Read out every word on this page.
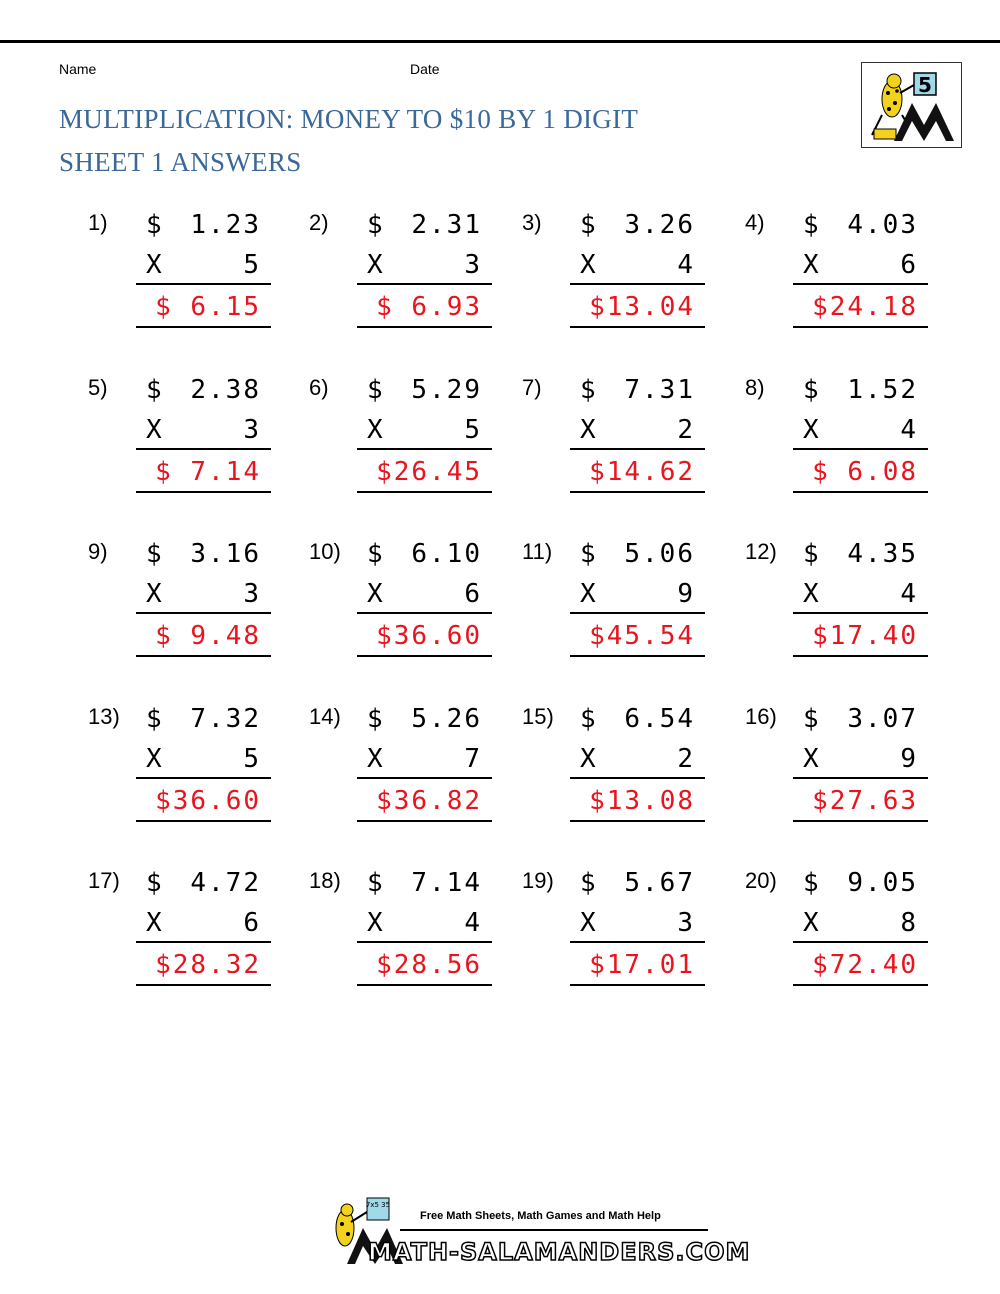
Name	Date
MULTIPLICATION: MONEY TO $10 BY 1 DIGIT
SHEET 1 ANSWERS
5
1) $ 1.23
X	5
$ 6.15
2) $ 2.31
X	3
$ 6.93
3) $ 3.26
X	4
$13.04
4) $ 4.03
X	6
$24.18
5) $ 2.38
X	3
$ 7.14
6) $ 5.29
X	5
$26.45
7) $ 7.31
X	2
$14.62
8) $ 1.52
X	4
$ 6.08
9) $ 3.16
X	3
$ 9.48
10) $ 6.10
X	6
$36.60
11) $ 5.06
X	9
$45.54
12) $ 4.35
X	4
$17.40
13) $ 7.32
X	5
$36.60
14) $ 5.26
X	7
$36.82
15) $ 6.54
X	2
$13.08
16) $ 3.07
X	9
$27.63
17) $ 4.72
X	6
$28.32
18) $ 7.14
X	4
$28.56
19) $ 5.67
X	3
$17.01
20) $ 9.05
X	8
$72.40
7x5 35
Free Math Sheets, Math Games and Math Help
MATH-SALAMANDERS.COM
